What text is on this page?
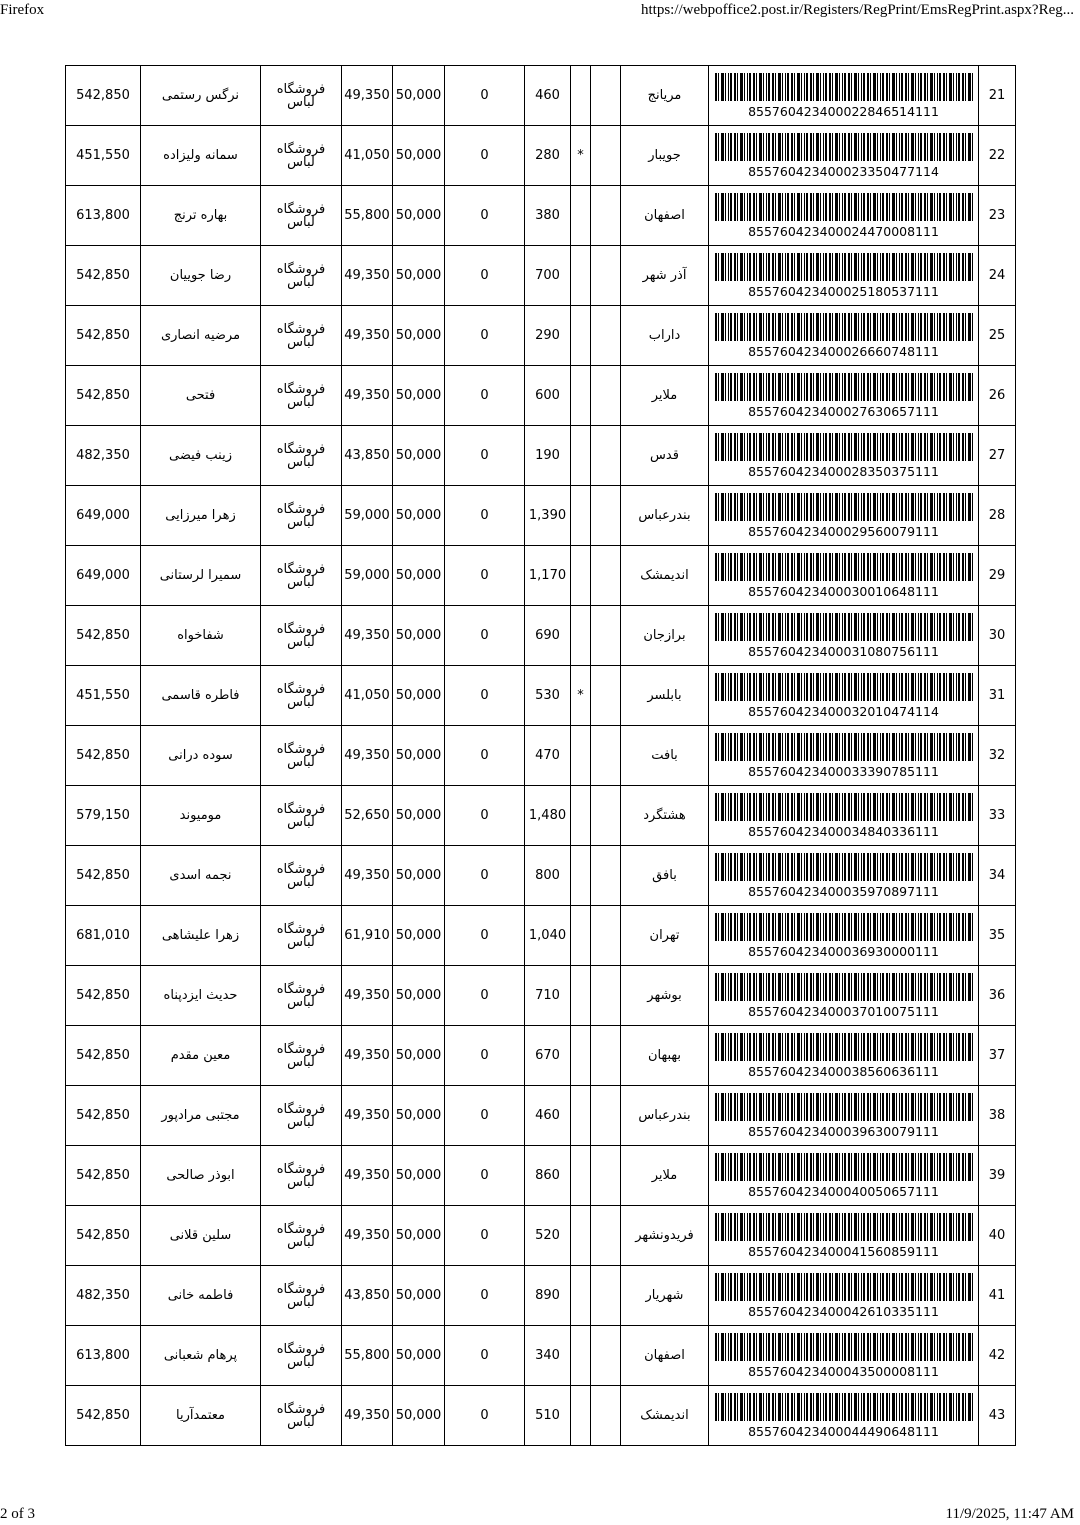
Firefox	https://webpoffice2.post.ir/Registers/RegPrint/EmsRegPrint.aspx?Reg...
542,850	نرگس رستمی	فروشگاه لباس	49,350	50,000	0	460			مریانج	8557604234000228465141​11	21
451,550	سمانه ولیزاده	فروشگاه لباس	41,050	50,000	0	280	*		جویبار	855760423400023350477114	22
613,800	بهاره ترنج	فروشگاه لباس	55,800	50,000	0	380			اصفهان	855760423400024470008111	23
542,850	رضا جوییان	فروشگاه لباس	49,350	50,000	0	700			آذر شهر	855760423400025180537111	24
542,850	مرضیه انصاری	فروشگاه لباس	49,350	50,000	0	290			داراب	855760423400026660748111	25
542,850	فتحی	فروشگاه لباس	49,350	50,000	0	600			ملایر	855760423400027630657111	26
482,350	زینب فیضی	فروشگاه لباس	43,850	50,000	0	190			قدس	855760423400028350375111	27
649,000	زهرا میرزایی	فروشگاه لباس	59,000	50,000	0	1,390			بندرعباس	855760423400029560079111	28
649,000	سمیرا لرستانی	فروشگاه لباس	59,000	50,000	0	1,170			اندیمشک	855760423400030010648111	29
542,850	شفاخواه	فروشگاه لباس	49,350	50,000	0	690			برازجان	855760423400031080756111	30
451,550	فاطره قاسمی	فروشگاه لباس	41,050	50,000	0	530	*		بابلسر	855760423400032010474114	31
542,850	سوده درانی	فروشگاه لباس	49,350	50,000	0	470			بافت	855760423400033390785111	32
579,150	مومیوند	فروشگاه لباس	52,650	50,000	0	1,480			هشتگرد	855760423400034840336111	33
542,850	نجمه اسدی	فروشگاه لباس	49,350	50,000	0	800			بافق	855760423400035970897111	34
681,010	زهرا علیشاهی	فروشگاه لباس	61,910	50,000	0	1,040			تهران	855760423400036930000111	35
542,850	حدیث ایزدپناه	فروشگاه لباس	49,350	50,000	0	710			بوشهر	855760423400037010075111	36
542,850	معین مقدم	فروشگاه لباس	49,350	50,000	0	670			بهبهان	855760423400038560636111	37
542,850	مجتبی مرادپور	فروشگاه لباس	49,350	50,000	0	460			بندرعباس	855760423400039630079111	38
542,850	ابوذر صالحی	فروشگاه لباس	49,350	50,000	0	860			ملایر	855760423400040050657111	39
542,850	سلین قلانی	فروشگاه لباس	49,350	50,000	0	520			فریدونشهر	855760423400041560859111	40
482,350	فاطمه خانی	فروشگاه لباس	43,850	50,000	0	890			شهریار	855760423400042610335111	41
613,800	پرهام شعبانی	فروشگاه لباس	55,800	50,000	0	340			اصفهان	855760423400043500008111	42
542,850	معتمدآریا	فروشگاه لباس	49,350	50,000	0	510			اندیمشک	855760423400044490648111	43
2 of 3	11/9/2025, 11:47 AM
